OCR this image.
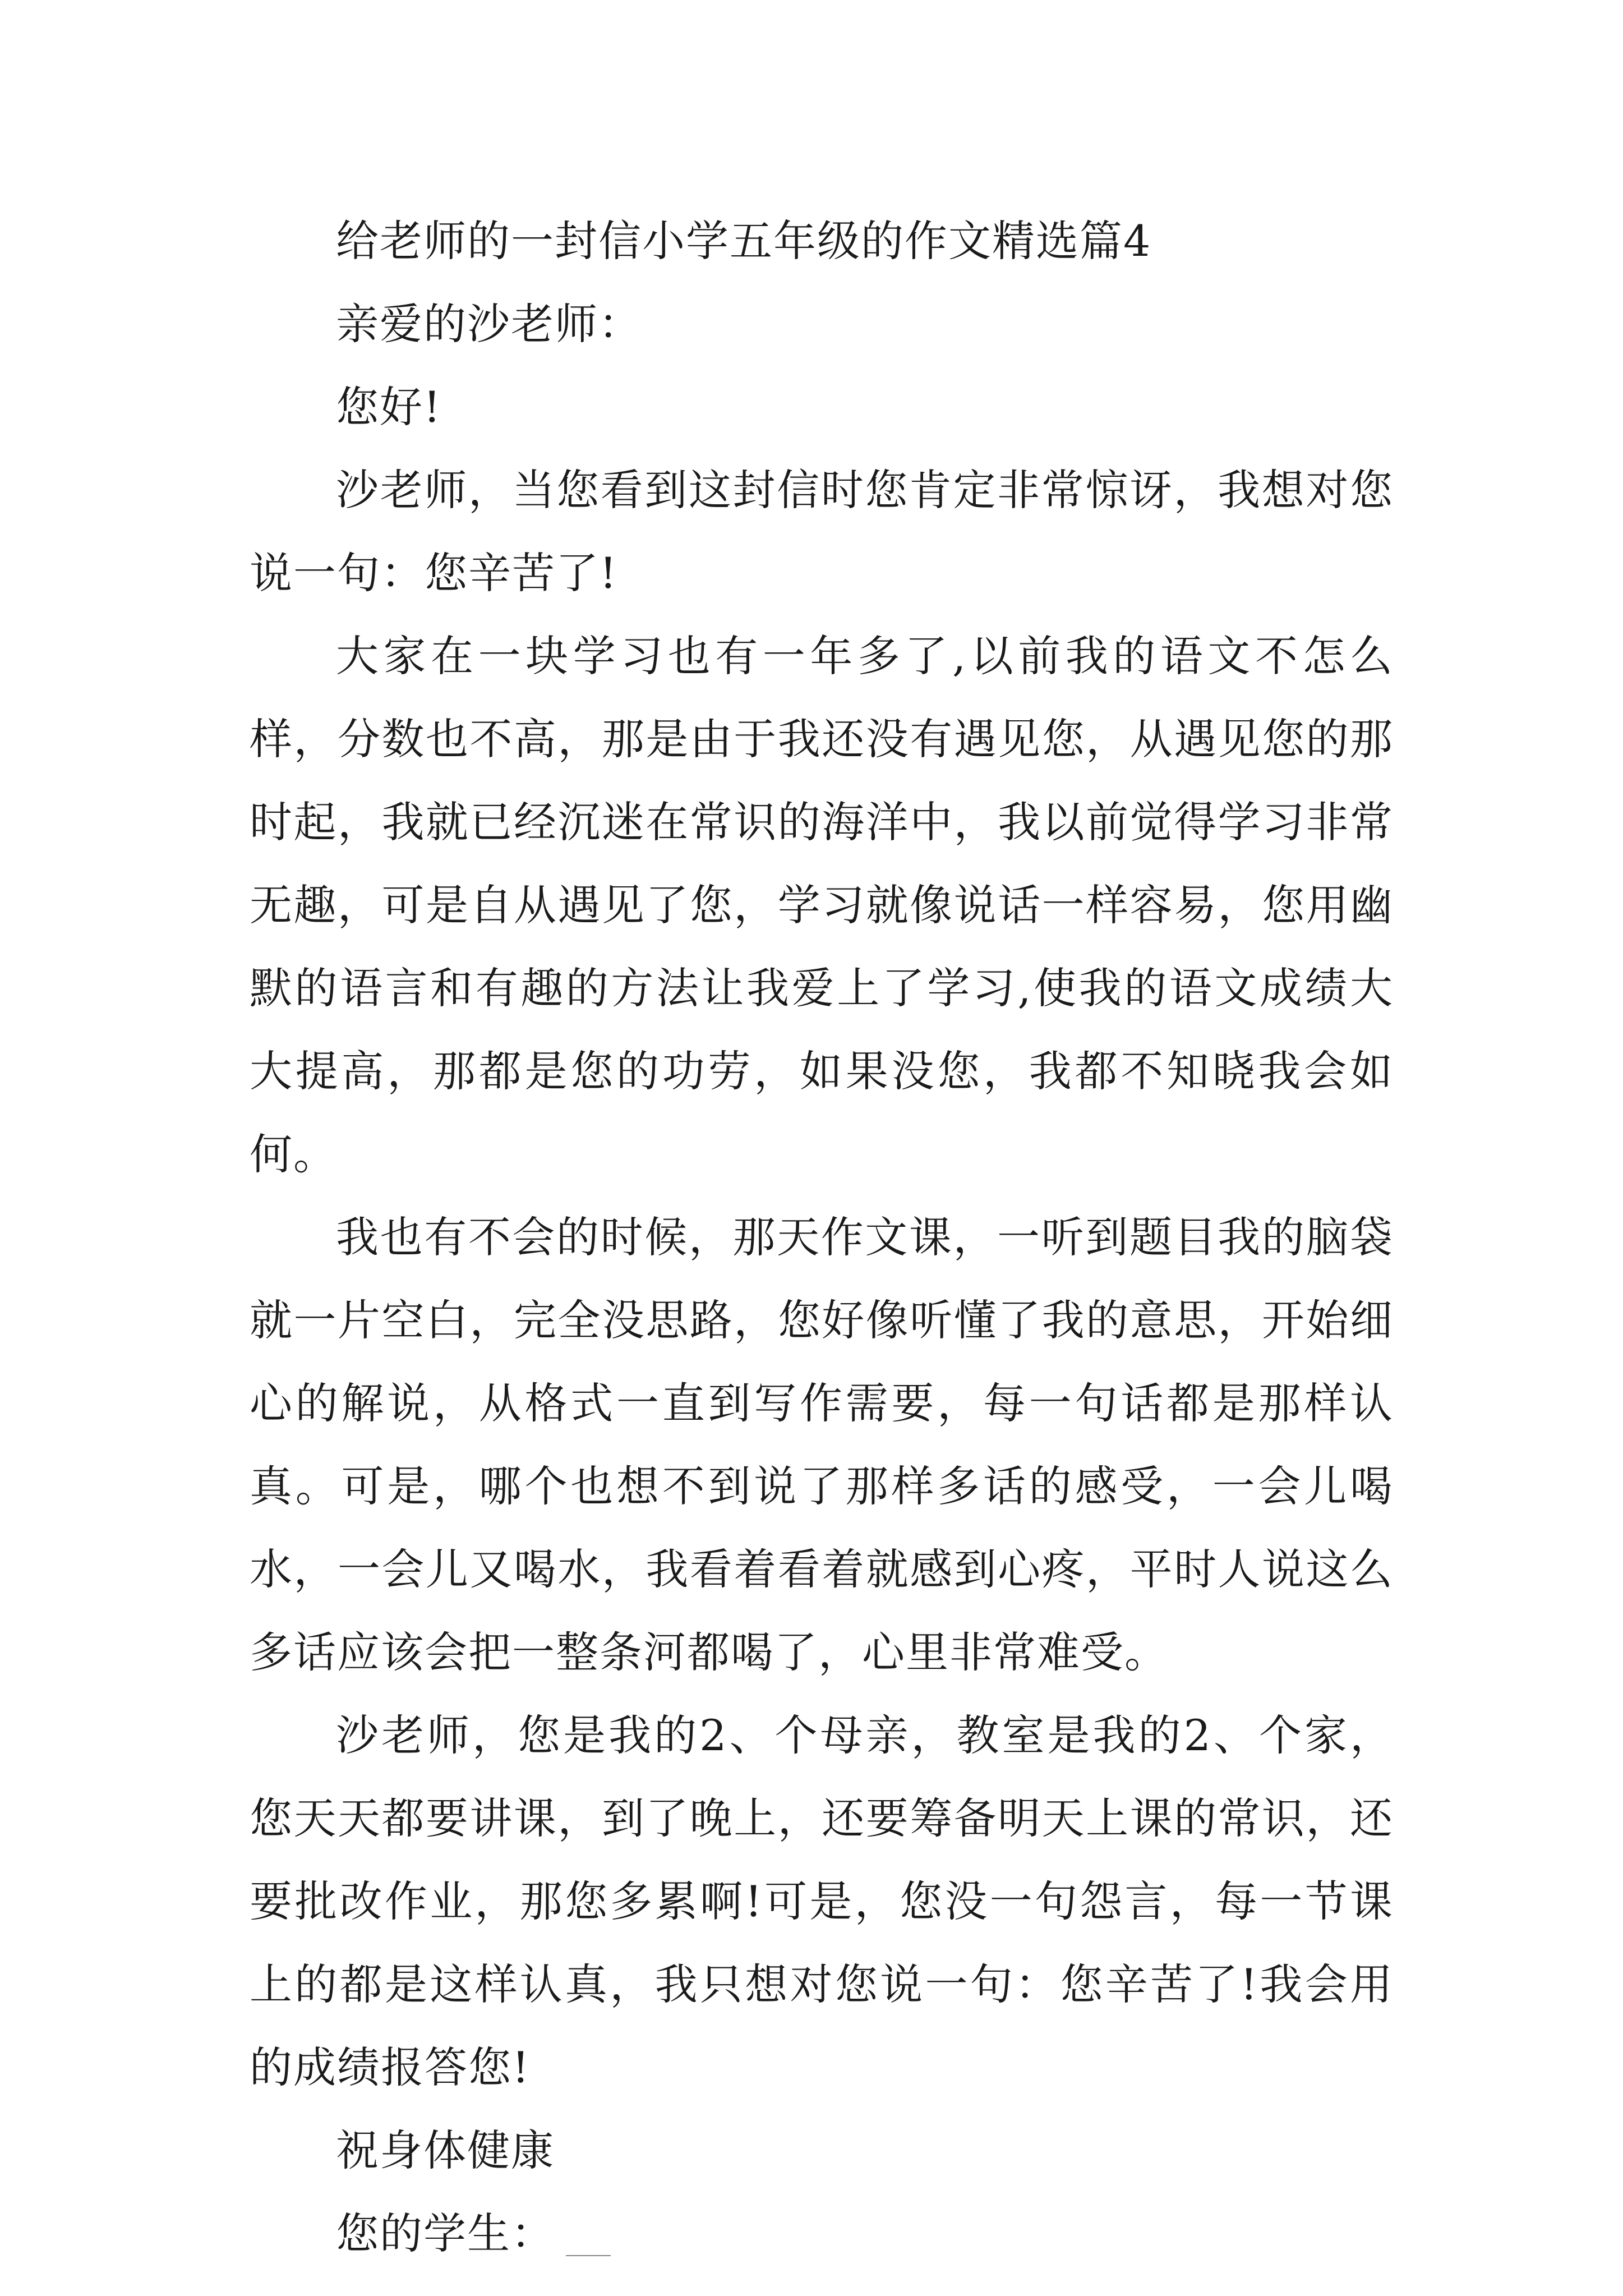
给老师的一封信小学五年级的作文精选篇4

亲爱的沙老师：

您好!

沙老师，当您看到这封信时您肯定非常惊讶，我想对您说一句：您辛苦了!

大家在一块学习也有一年多了,以前我的语文不怎么样，分数也不高，那是由于我还没有遇见您，从遇见您的那时起，我就已经沉迷在常识的海洋中，我以前觉得学习非常无趣，可是自从遇见了您，学习就像说话一样容易，您用幽默的语言和有趣的方法让我爱上了学习,使我的语文成绩大大提高，那都是您的功劳，如果没您，我都不知晓我会如何。

我也有不会的时候，那天作文课，一听到题目我的脑袋就一片空白，完全没思路，您好像听懂了我的意思，开始细心的解说，从格式一直到写作需要，每一句话都是那样认真。可是，哪个也想不到说了那样多话的感受，一会儿喝水，一会儿又喝水，我看着看着就感到心疼，平时人说这么多话应该会把一整条河都喝了，心里非常难受。

沙老师，您是我的2、个母亲，教室是我的2、个家，您天天都要讲课，到了晚上，还要筹备明天上课的常识，还要批改作业，那您多累啊!可是，您没一句怨言，每一节课上的都是这样认真，我只想对您说一句：您辛苦了!我会用的成绩报答您!

祝身体健康

您的学生：
